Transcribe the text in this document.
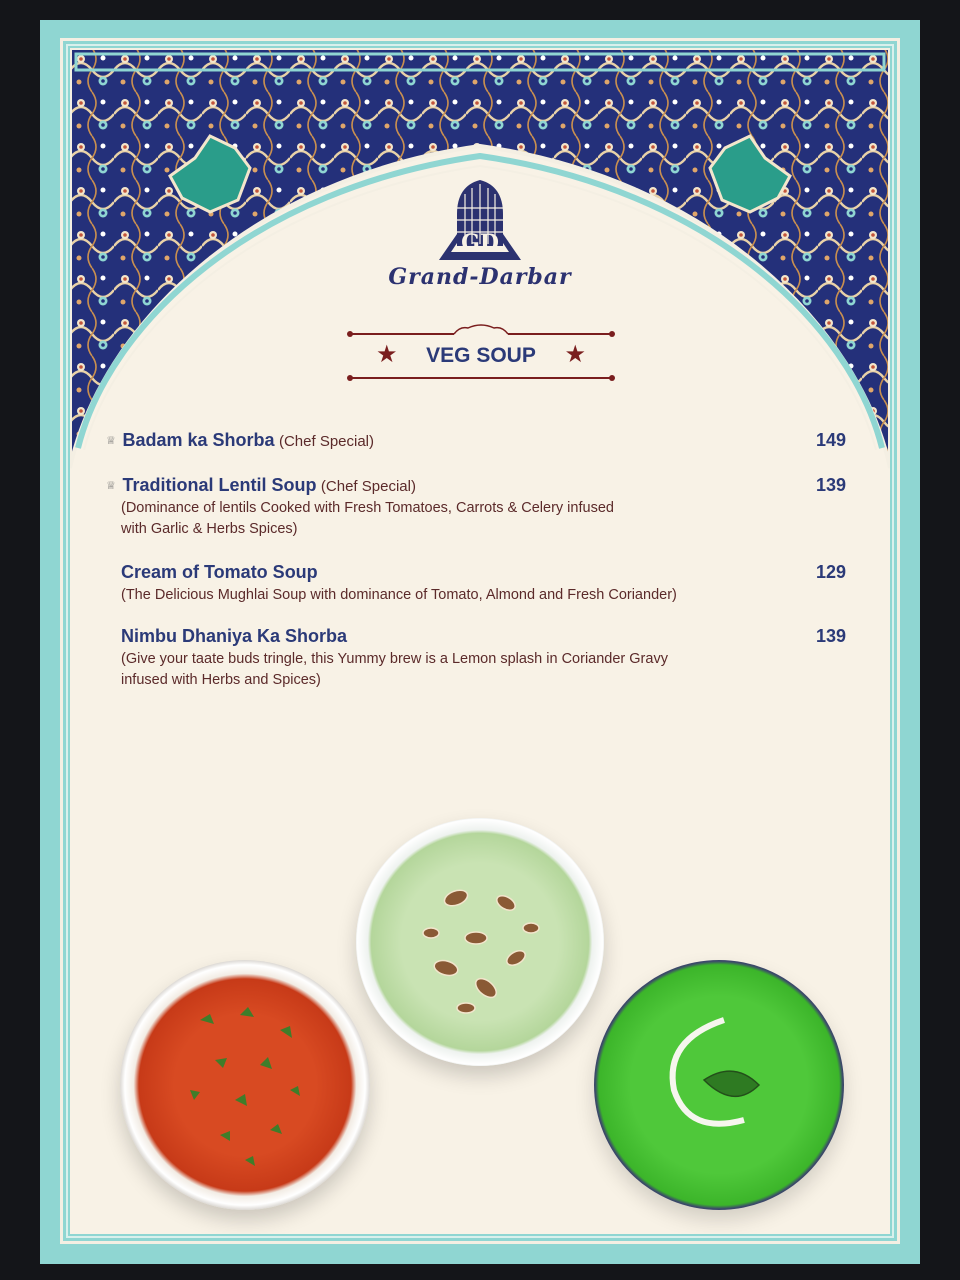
GD
Grand-Darbar
★	VEG SOUP	★
♕ Badam ka Shorba (Chef Special)	149
♕ Traditional Lentil Soup (Chef Special)	139
(Dominance of lentils Cooked with Fresh Tomatoes, Carrots & Celery infused
with Garlic & Herbs Spices)
Cream of Tomato Soup	129
(The Delicious Mughlai Soup with dominance of Tomato, Almond and Fresh Coriander)
Nimbu Dhaniya Ka Shorba	139
(Give your taate buds tringle, this Yummy brew is a Lemon splash in Coriander Gravy
infused with Herbs and Spices)
